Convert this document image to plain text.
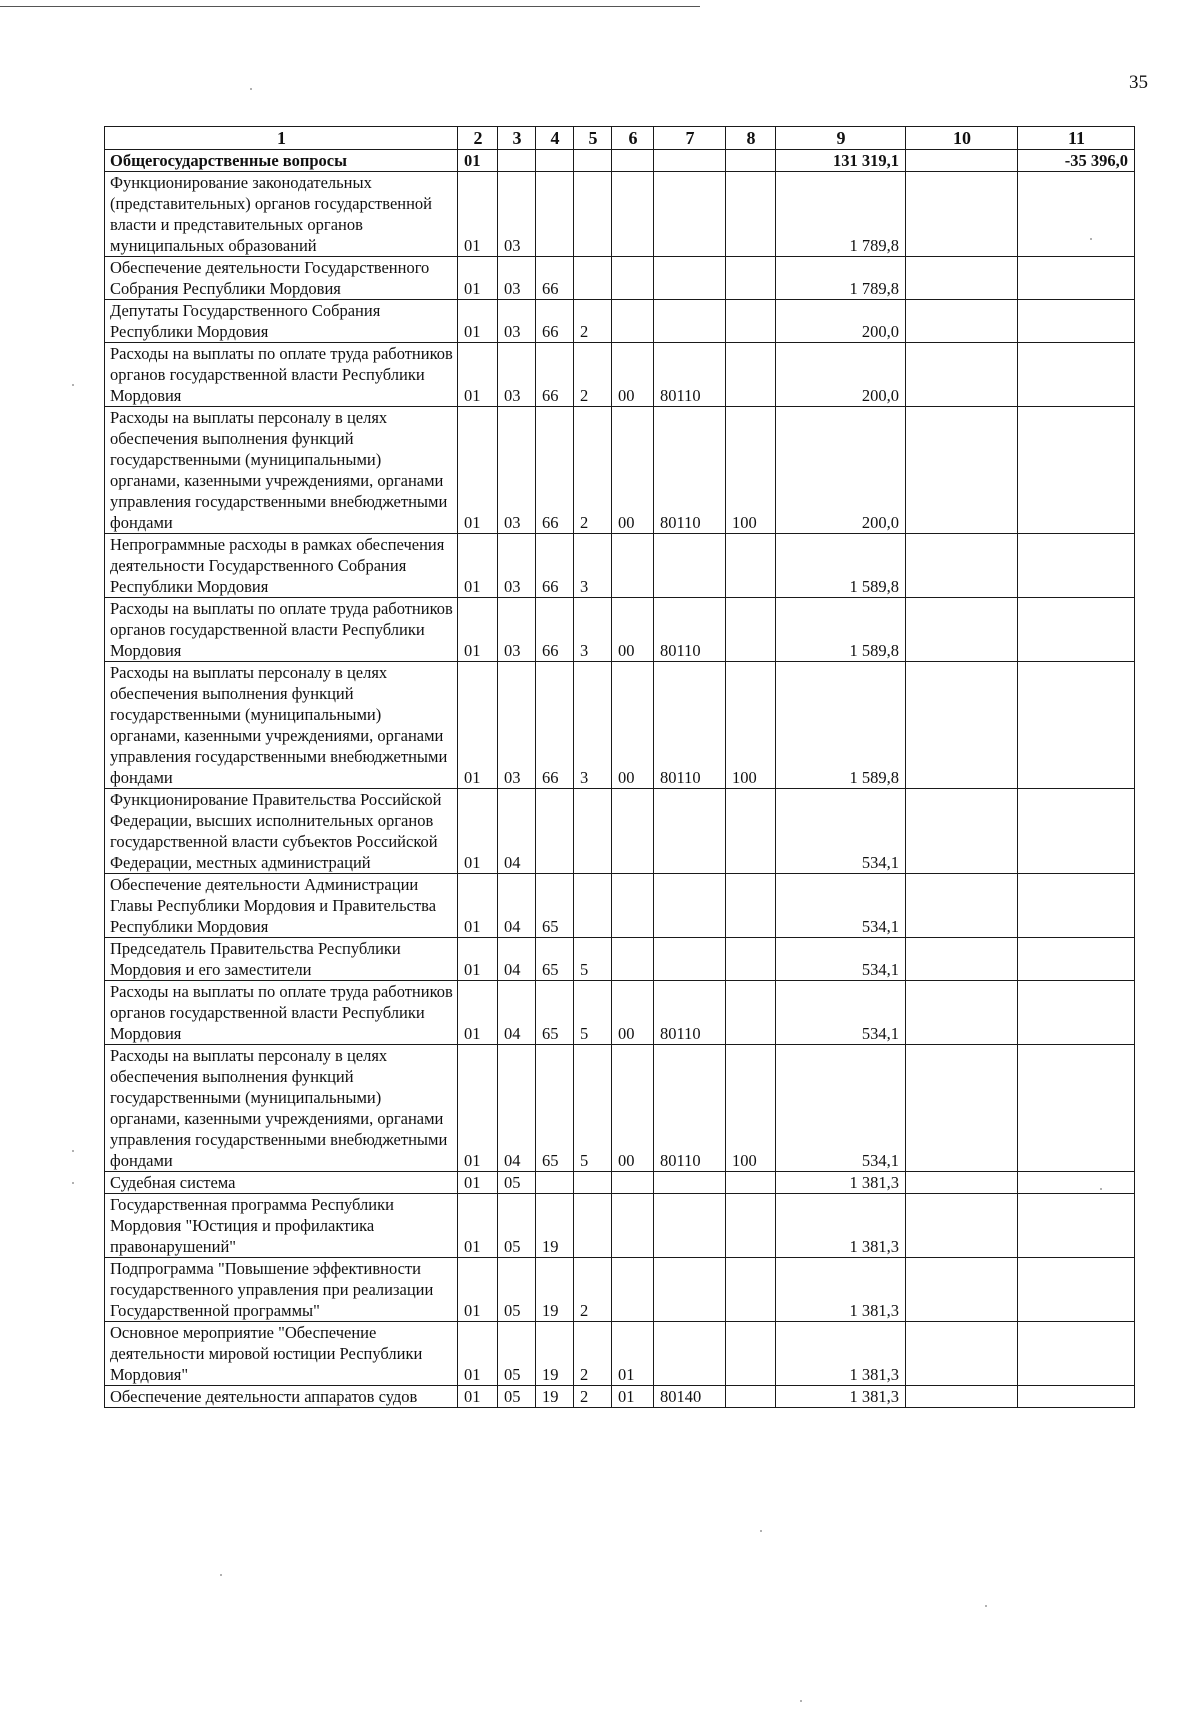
35
1	2	3	4	5	6	7	8	9	10	11
Общегосударственные вопросы	01							131 319,1		-35 396,0
Функционирование законодательных (представительных) органов государственной власти и представительных органов муниципальных образований	01	03						1 789,8		
Обеспечение деятельности Государственного Собрания Республики Мордовия	01	03	66					1 789,8		
Депутаты Государственного Собрания Республики Мордовия	01	03	66	2				200,0		
Расходы на выплаты по оплате труда работников органов государственной власти Республики Мордовия	01	03	66	2	00	80110		200,0		
Расходы на выплаты персоналу в целях обеспечения выполнения функций государственными (муниципальными) органами, казенными учреждениями, органами управления государственными внебюджетными фондами	01	03	66	2	00	80110	100	200,0		
Непрограммные расходы в рамках обеспечения деятельности Государственного Собрания Республики Мордовия	01	03	66	3				1 589,8		
Расходы на выплаты по оплате труда работников органов государственной власти Республики Мордовия	01	03	66	3	00	80110		1 589,8		
Расходы на выплаты персоналу в целях обеспечения выполнения функций государственными (муниципальными) органами, казенными учреждениями, органами управления государственными внебюджетными фондами	01	03	66	3	00	80110	100	1 589,8		
Функционирование Правительства Российской Федерации, высших исполнительных органов государственной власти субъектов Российской Федерации, местных администраций	01	04						534,1		
Обеспечение деятельности Администрации Главы Республики Мордовия и Правительства Республики Мордовия	01	04	65					534,1		
Председатель Правительства Республики Мордовия и его заместители	01	04	65	5				534,1		
Расходы на выплаты по оплате труда работников органов государственной власти Республики Мордовия	01	04	65	5	00	80110		534,1		
Расходы на выплаты персоналу в целях обеспечения выполнения функций государственными (муниципальными) органами, казенными учреждениями, органами управления государственными внебюджетными фондами	01	04	65	5	00	80110	100	534,1		
Судебная система	01	05						1 381,3		
Государственная программа Республики Мордовия "Юстиция и профилактика правонарушений"	01	05	19					1 381,3		
Подпрограмма "Повышение эффективности государственного управления при реализации Государственной программы"	01	05	19	2				1 381,3		
Основное мероприятие "Обеспечение деятельности мировой юстиции Республики Мордовия"	01	05	19	2	01			1 381,3		
Обеспечение деятельности аппаратов судов	01	05	19	2	01	80140		1 381,3		
